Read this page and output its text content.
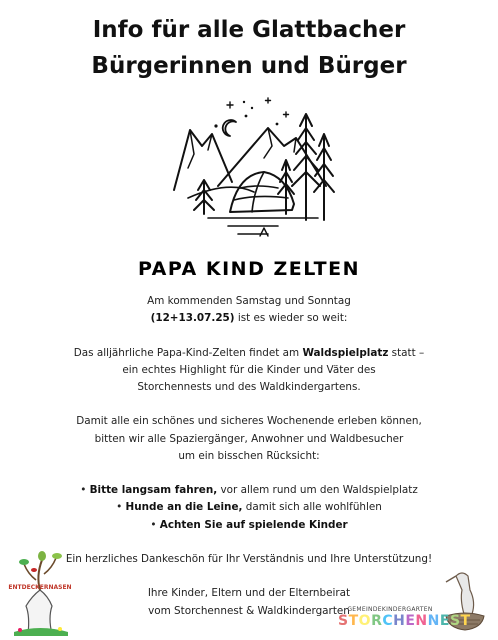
Info für alle Glattbacher
Bürgerinnen und Bürger
PAPA KIND ZELTEN

Am kommenden Samstag und Sonntag

(12+13.07.25) ist es wieder so weit:

Das alljährliche Papa-Kind-Zelten findet am Waldspielplatz statt –

ein echtes Highlight für die Kinder und Väter des

Storchennests und des Waldkindergartens.

Damit alle ein schönes und sicheres Wochenende erleben können,

bitten wir alle Spaziergänger, Anwohner und Waldbesucher

um ein bisschen Rücksicht:

• Bitte langsam fahren, vor allem rund um den Waldspielplatz

• Hunde an die Leine, damit sich alle wohlfühlen

• Achten Sie auf spielende Kinder

Ein herzliches Dankeschön für Ihr Verständnis und Ihre Unterstützung!

Ihre Kinder, Eltern und der Elternbeirat

vom Storchennest & Waldkindergarten

ENTDECKERNASEN
GEMEINDEKINDERGARTEN
STORCHENNEST
